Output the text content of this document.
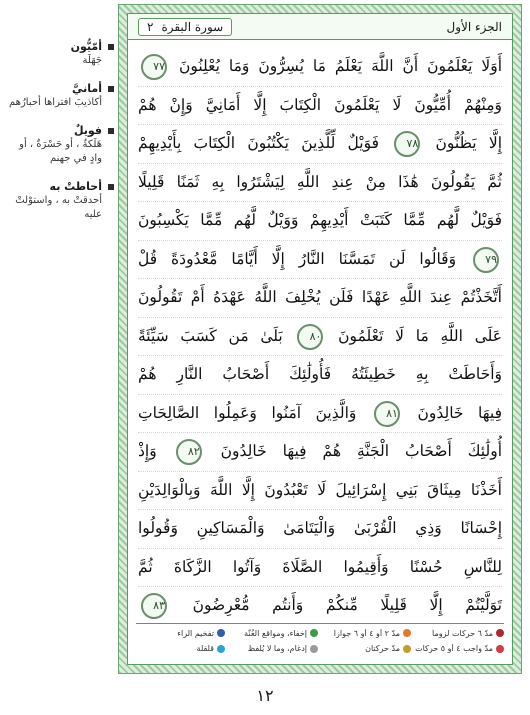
أمّيُّون
جَهَلَة
أمانيَّ
أكاذيبَ افتراها أحبارُهم
فويلٌ
هَلَكةٌ ، أو حَسْرَةٌ ، أو وادٍ في جهنم
أحاطتْ به
أحدقتْ به ، واستوْلتْ عليه
الجزء الأول
سورة البقرة
٢
أَوَلَا يَعْلَمُونَ أَنَّ اللَّهَ يَعْلَمُ مَا يُسِرُّونَ وَمَا يُعْلِنُونَ ٧٧
وَمِنْهُمْ أُمِّيُّونَ لَا يَعْلَمُونَ الْكِتَابَ إِلَّا أَمَانِيَّ وَإِنْ هُمْ
إِلَّا يَظُنُّونَ ٧٨ فَوَيْلٌ لِّلَّذِينَ يَكْتُبُونَ الْكِتَابَ بِأَيْدِيهِمْ
ثُمَّ يَقُولُونَ هَٰذَا مِنْ عِندِ اللَّهِ لِيَشْتَرُوا بِهِ ثَمَنًا قَلِيلًا
فَوَيْلٌ لَّهُم مِّمَّا كَتَبَتْ أَيْدِيهِمْ وَوَيْلٌ لَّهُم مِّمَّا يَكْسِبُونَ
٧٩ وَقَالُوا لَن تَمَسَّنَا النَّارُ إِلَّا أَيَّامًا مَّعْدُودَةً قُلْ
أَتَّخَذْتُمْ عِندَ اللَّهِ عَهْدًا فَلَن يُخْلِفَ اللَّهُ عَهْدَهُ أَمْ تَقُولُونَ
عَلَى اللَّهِ مَا لَا تَعْلَمُونَ ٨٠ بَلَىٰ مَن كَسَبَ سَيِّئَةً
وَأَحَاطَتْ بِهِ خَطِيئَتُهُ فَأُولَٰئِكَ أَصْحَابُ النَّارِ هُمْ
فِيهَا خَالِدُونَ ٨١ وَالَّذِينَ آمَنُوا وَعَمِلُوا الصَّالِحَاتِ
أُولَٰئِكَ أَصْحَابُ الْجَنَّةِ هُمْ فِيهَا خَالِدُونَ ٨٢ وَإِذْ
أَخَذْنَا مِيثَاقَ بَنِي إِسْرَائِيلَ لَا تَعْبُدُونَ إِلَّا اللَّهَ وَبِالْوَالِدَيْنِ
إِحْسَانًا وَذِي الْقُرْبَىٰ وَالْيَتَامَىٰ وَالْمَسَاكِينِ وَقُولُوا
لِلنَّاسِ حُسْنًا وَأَقِيمُوا الصَّلَاةَ وَآتُوا الزَّكَاةَ ثُمَّ
تَوَلَّيْتُمْ إِلَّا قَلِيلًا مِّنكُمْ وَأَنتُم مُّعْرِضُونَ ٨٣
مدّ ٦ حركات لزوماً
مدّ ٢ أو ٤ أو ٦ جوازاً
إخفاء، ومواقع الغُنّة
تفخيم الراء
مدّ واجب ٤ أو ٥ حركات
مدّ حركتان
إدغام، وما لا يُلفظ
قلقلة
١٢
